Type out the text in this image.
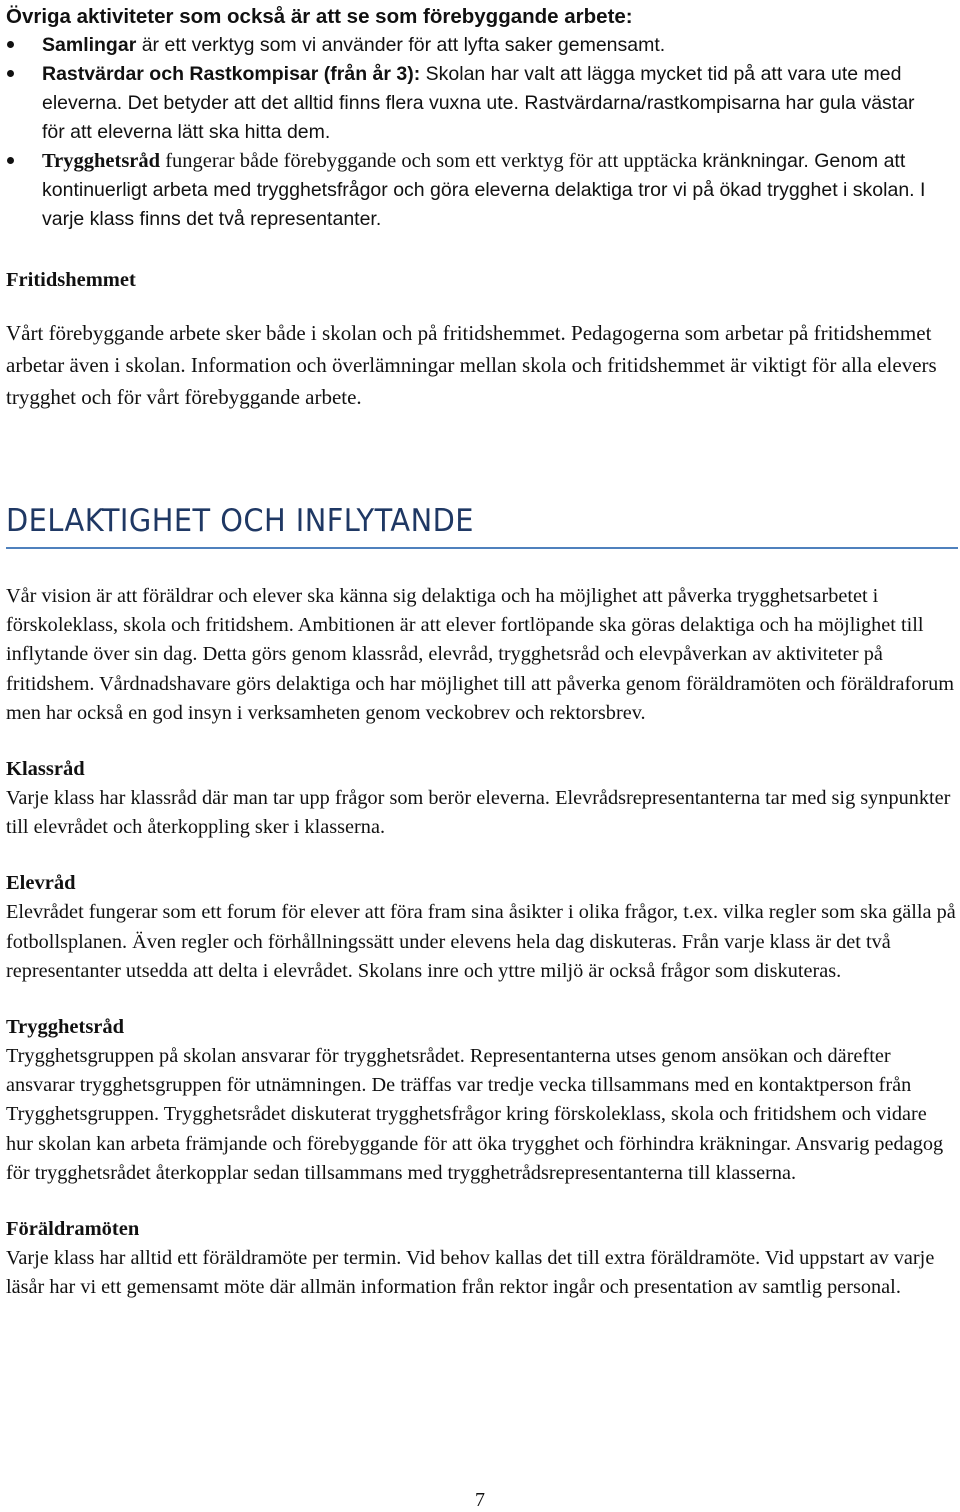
Övriga aktiviteter som också är att se som förebyggande arbete:
Samlingar är ett verktyg som vi använder för att lyfta saker gemensamt.
Rastvärdar och Rastkompisar (från år 3): Skolan har valt att lägga mycket tid på att vara ute med eleverna. Det betyder att det alltid finns flera vuxna ute. Rastvärdarna/rastkompisarna har gula västar för att eleverna lätt ska hitta dem.
Trygghetsråd fungerar både förebyggande och som ett verktyg för att upptäcka kränkningar. Genom att kontinuerligt arbeta med trygghetsfrågor och göra eleverna delaktiga tror vi på ökad trygghet i skolan. I varje klass finns det två representanter.
Fritidshemmet

Vårt förebyggande arbete sker både i skolan och på fritidshemmet. Pedagogerna som arbetar på fritidshemmet arbetar även i skolan. Information och överlämningar mellan skola och fritidshemmet är viktigt för alla elevers trygghet och för vårt förebyggande arbete.

DELAKTIGHET OCH INFLYTANDE

Vår vision är att föräldrar och elever ska känna sig delaktiga och ha möjlighet att påverka trygghetsarbetet i förskoleklass, skola och fritidshem. Ambitionen är att elever fortlöpande ska göras delaktiga och ha möjlighet till inflytande över sin dag. Detta görs genom klassråd, elevråd, trygghetsråd och elevpåverkan av aktiviteter på fritidshem. Vårdnadshavare görs delaktiga och har möjlighet till att påverka genom föräldramöten och föräldraforum men har också en god insyn i verksamheten genom veckobrev och rektorsbrev.

Klassråd

Varje klass har klassråd där man tar upp frågor som berör eleverna. Elevrådsrepresentanterna tar med sig synpunkter till elevrådet och återkoppling sker i klasserna.

Elevråd

Elevrådet fungerar som ett forum för elever att föra fram sina åsikter i olika frågor, t.ex. vilka regler som ska gälla på fotbollsplanen. Även regler och förhållningssätt under elevens hela dag diskuteras. Från varje klass är det två representanter utsedda att delta i elevrådet. Skolans inre och yttre miljö är också frågor som diskuteras.

Trygghetsråd

Trygghetsgruppen på skolan ansvarar för trygghetsrådet. Representanterna utses genom ansökan och därefter ansvarar trygghetsgruppen för utnämningen. De träffas var tredje vecka tillsammans med en kontaktperson från Trygghetsgruppen. Trygghetsrådet diskuterat trygghetsfrågor kring förskoleklass, skola och fritidshem och vidare hur skolan kan arbeta främjande och förebyggande för att öka trygghet och förhindra kräkningar. Ansvarig pedagog för trygghetsrådet återkopplar sedan tillsammans med trygghetrådsrepresentanterna till klasserna.

Föräldramöten

Varje klass har alltid ett föräldramöte per termin. Vid behov kallas det till extra föräldramöte. Vid uppstart av varje läsår har vi ett gemensamt möte där allmän information från rektor ingår och presentation av samtlig personal.

7
